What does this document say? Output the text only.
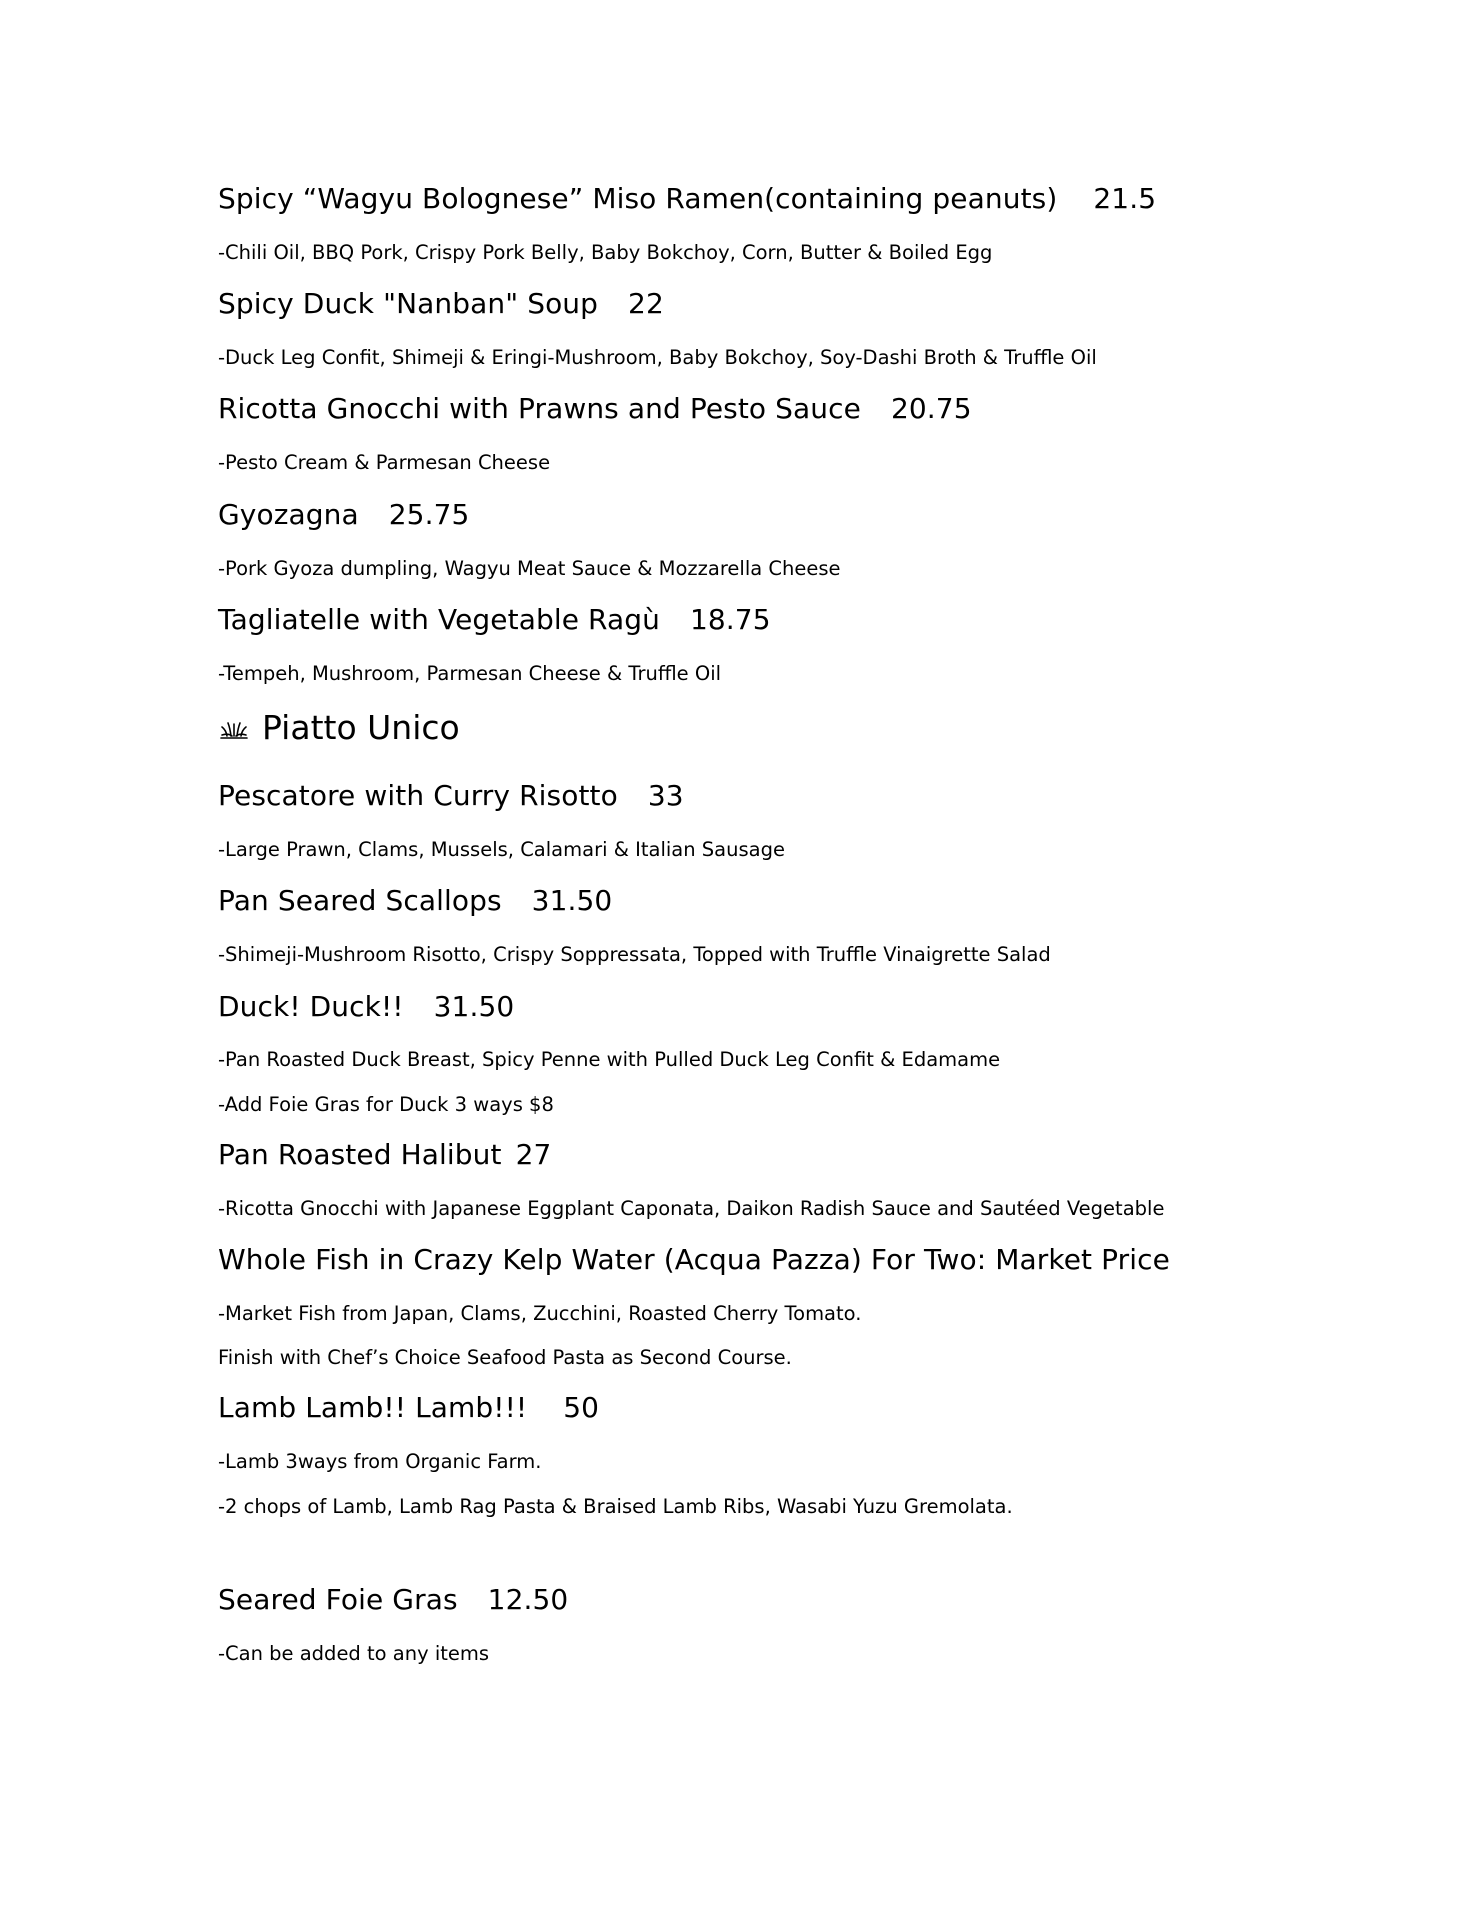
Spicy “Wagyu Bolognese” Miso Ramen(containing peanuts) 21.5
-Chili Oil, BBQ Pork, Crispy Pork Belly, Baby Bokchoy, Corn, Butter & Boiled Egg
Spicy Duck "Nanban" Soup 22
-Duck Leg Confit, Shimeji & Eringi-Mushroom, Baby Bokchoy, Soy-Dashi Broth & Truffle Oil
Ricotta Gnocchi with Prawns and Pesto Sauce 20.75
-Pesto Cream & Parmesan Cheese
Gyozagna 25.75
-Pork Gyoza dumpling, Wagyu Meat Sauce & Mozzarella Cheese
Tagliatelle with Vegetable Ragù 18.75
-Tempeh, Mushroom, Parmesan Cheese & Truffle Oil
Piatto Unico
Pescatore with Curry Risotto 33
-Large Prawn, Clams, Mussels, Calamari & Italian Sausage
Pan Seared Scallops 31.50
-Shimeji-Mushroom Risotto, Crispy Soppressata, Topped with Truffle Vinaigrette Salad
Duck! Duck!! 31.50
-Pan Roasted Duck Breast, Spicy Penne with Pulled Duck Leg Confit & Edamame
-Add Foie Gras for Duck 3 ways $8
Pan Roasted Halibut 27
-Ricotta Gnocchi with Japanese Eggplant Caponata, Daikon Radish Sauce and Sautéed Vegetable
Whole Fish in Crazy Kelp Water (Acqua Pazza) For Two: Market Price
-Market Fish from Japan, Clams, Zucchini, Roasted Cherry Tomato.
Finish with Chef’s Choice Seafood Pasta as Second Course.
Lamb Lamb!! Lamb!!! 50
-Lamb 3ways from Organic Farm.
-2 chops of Lamb, Lamb Rag Pasta & Braised Lamb Ribs, Wasabi Yuzu Gremolata.
Seared Foie Gras 12.50
-Can be added to any items
